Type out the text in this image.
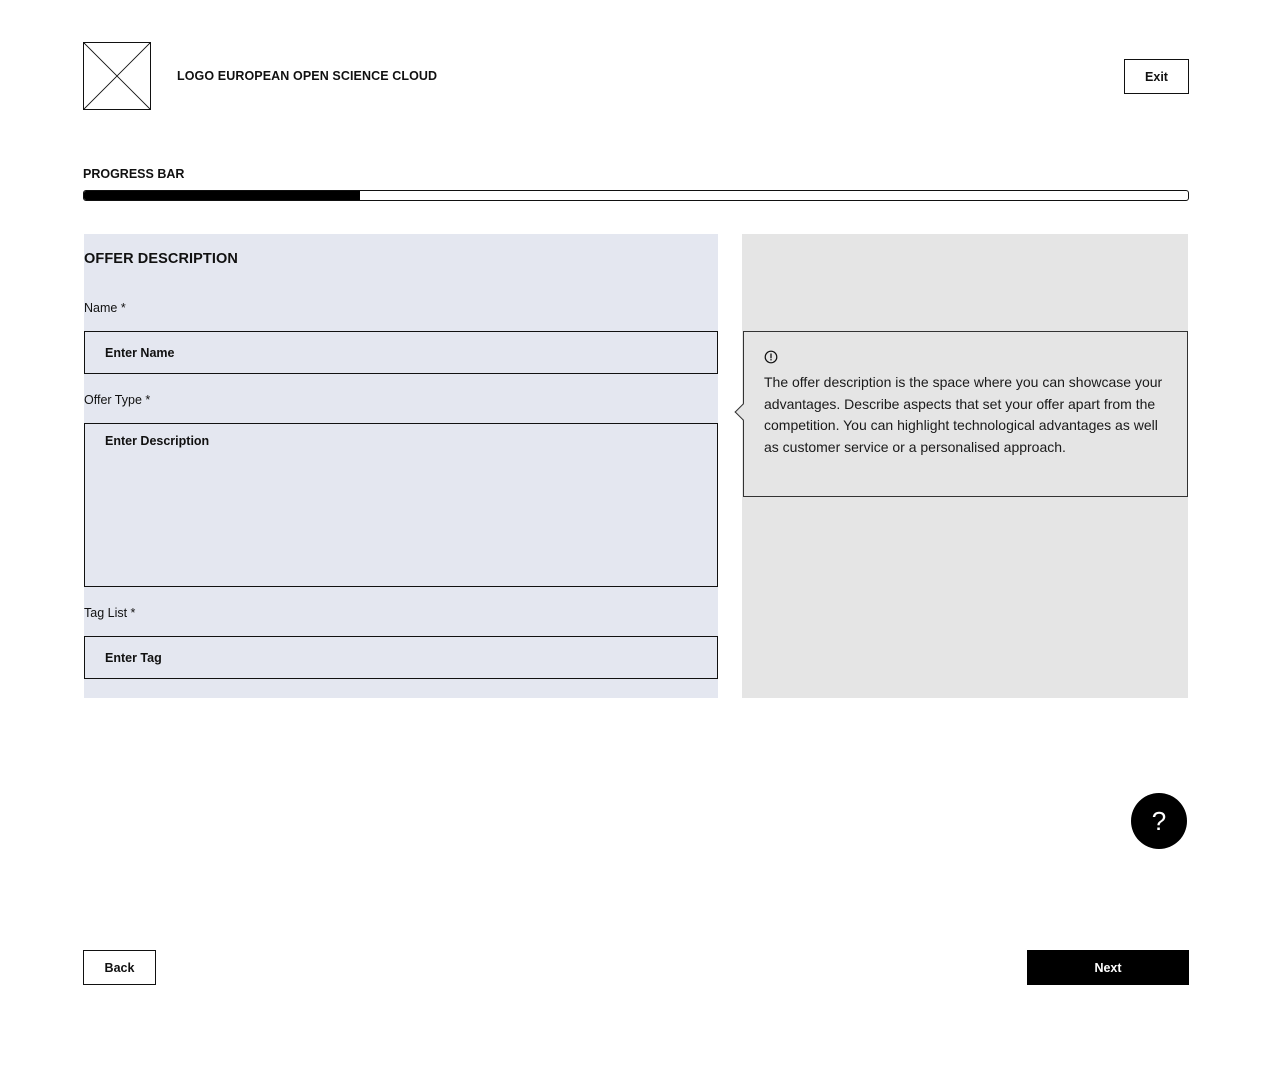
LOGO EUROPEAN OPEN SCIENCE CLOUD	Exit
PROGRESS BAR
OFFER DESCRIPTION
Name *
Enter Name
Offer Type *
Enter Description
Tag List *
Enter Tag

The offer description is the space where you can showcase your advantages. Describe aspects that set your offer apart from the competition. You can highlight technological advantages as well as customer service or a personalised approach.

?
Back	Next
